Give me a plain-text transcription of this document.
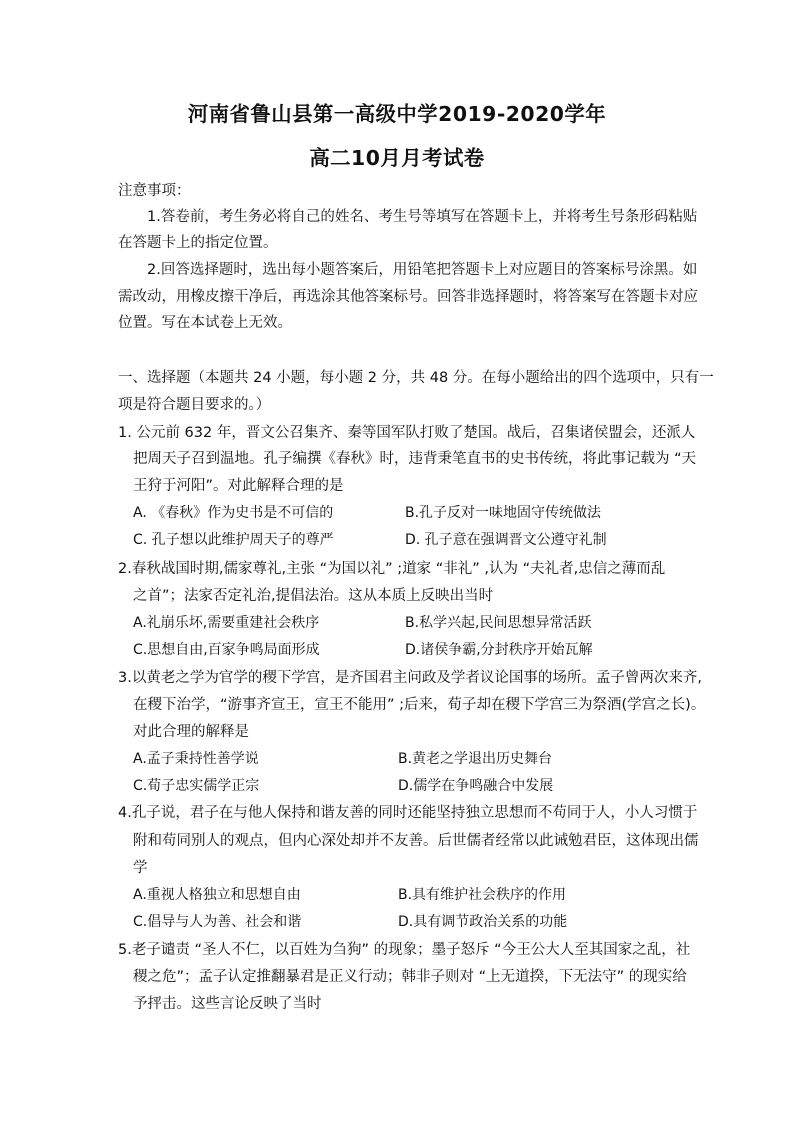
河南省鲁山县第一高级中学2019-2020学年
高二10月月考试卷
注意事项：
1.答卷前，考生务必将自己的姓名、考生号等填写在答题卡上，并将考生号条形码粘贴
在答题卡上的指定位置。
2.回答选择题时，选出每小题答案后，用铅笔把答题卡上对应题目的答案标号涂黑。如
需改动，用橡皮擦干净后，再选涂其他答案标号。回答非选择题时，将答案写在答题卡对应
位置。写在本试卷上无效。
一、选择题（本题共 24 小题，每小题 2 分，共 48 分。在每小题给出的四个选项中，只有一
项是符合题目要求的。）
1. 公元前 632 年，晋文公召集齐、秦等国军队打败了楚国。战后，召集诸侯盟会，还派人
把周天子召到温地。孔子编撰《春秋》时，违背秉笔直书的史书传统，将此事记载为 “天
王狩于河阳”。对此解释合理的是
A. 《春秋》作为史书是不可信的	B.孔子反对一味地固守传统做法
C. 孔子想以此维护周天子的尊严	D. 孔子意在强调晋文公遵守礼制
2.春秋战国时期,儒家尊礼,主张 “为国以礼” ;道家 “非礼” ,认为 “夫礼者,忠信之薄而乱
之首”；法家否定礼治,提倡法治。这从本质上反映出当时
A.礼崩乐坏,需要重建社会秩序	B.私学兴起,民间思想异常活跃
C.思想自由,百家争鸣局面形成	D.诸侯争霸,分封秩序开始瓦解
3.以黄老之学为官学的稷下学宫，是齐国君主问政及学者议论国事的场所。孟子曾两次来齐,
在稷下治学，“游事齐宣王，宣王不能用” ;后来，荀子却在稷下学宫三为祭酒(学宫之长)。
对此合理的解释是
A.孟子秉持性善学说	B.黄老之学退出历史舞台
C.荀子忠实儒学正宗	D.儒学在争鸣融合中发展
4.孔子说，君子在与他人保持和谐友善的同时还能坚持独立思想而不苟同于人，小人习惯于
附和苟同别人的观点，但内心深处却并不友善。后世儒者经常以此诫勉君臣，这体现出儒
学
A.重视人格独立和思想自由	B.具有维护社会秩序的作用
C.倡导与人为善、社会和谐	D.具有调节政治关系的功能
5.老子谴责 “圣人不仁，以百姓为刍狗” 的现象；墨子怒斥 “今王公大人至其国家之乱，社
稷之危”；孟子认定推翻暴君是正义行动；韩非子则对 “上无道揆，下无法守” 的现实给
予抨击。这些言论反映了当时
